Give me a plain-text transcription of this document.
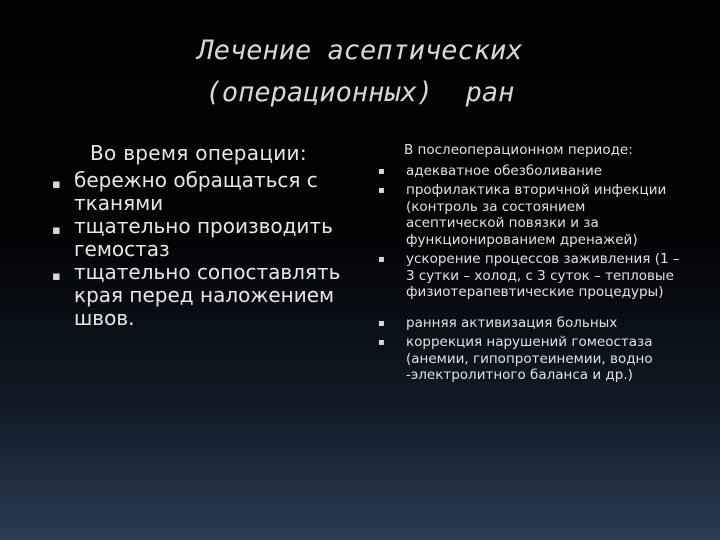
Лечение асептических
(операционных)  ран
Во время операции:
▪ бережно обращаться с тканями
▪ тщательно производить гемостаз
▪ тщательно сопоставлять края перед наложением швов.
В послеоперационном периоде:
▪ адекватное обезболивание
▪ профилактика вторичной инфекции (контроль за состоянием асептической повязки и за функционированием дренажей)
▪ ускорение процессов заживления (1 – 3 сутки – холод, с 3 суток – тепловые физиотерапевтические процедуры)
▪ ранняя активизация больных
▪ коррекция нарушений гомеостаза (анемии, гипопротеинемии, водно -электролитного баланса и др.)
